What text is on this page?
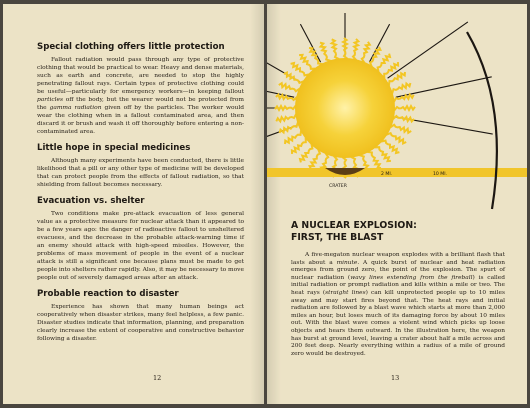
Special clothing offers little protection

Fallout radiation would pass through any type of protective clothing that would be practical to wear. Heavy and dense materials, such as earth and concrete, are needed to stop the highly penetrating fallout rays. Certain types of protective clothing could be useful—particularly for emergency workers—in keeping fallout particles off the body, but the wearer would not be protected from the gamma radiation given off by the particles. The worker would wear the clothing when in a fallout contaminated area, and then discard it or brush and wash it off thoroughly before entering a non-contaminated area.

Little hope in special medicines

Although many experiments have been conducted, there is little likelihood that a pill or any other type of medicine will be developed that can protect people from the effects of fallout radiation, so that shielding from fallout becomes necessary.

Evacuation vs. shelter

Two conditions make pre-attack evacuation of less general value as a protective measure for nuclear attack than it appeared to be a few years ago: the danger of radioactive fallout to unsheltered evacuees, and the decrease in the probable attack-warning time if an enemy should attack with high-speed missiles. However, the problems of mass movement of people in the event of a nuclear attack is still a significant one because plans must be made to get people into shelters rather rapidly. Also, it may be necessary to move people out of severely damaged areas after an attack.

Probable reaction to disaster

Experience has shown that many human beings act cooperatively when disaster strikes, many feel helpless, a few panic. Disaster studies indicate that information, planning, and preparation clearly increase the extent of cooperative and constructive behavior following a disaster.

12
CRATER
2 MI.	10 MI.
A NUCLEAR EXPLOSION:
FIRST, THE BLAST

A five-megaton nuclear weapon explodes with a brilliant flash that lasts about a minute. A quick burst of nuclear and heat radiation emerges from ground zero, the point of the explosion. The spurt of nuclear radiation (wavy lines extending from the fireball) is called initial radiation or prompt radiation and kills within a mile or two. The heat rays (straight lines) can kill unprotected people up to 10 miles away and may start fires beyond that. The heat rays and initial radiation are followed by a blast wave which starts at more than 2,000 miles an hour, but loses much of its damaging force by about 10 miles out. With the blast wave comes a violent wind which picks up loose objects and hears them outward. In the illustration here, the weapon has burst at ground level, leaving a crater about half a mile across and 200 feet deep. Nearly everything within a radius of a mile of ground zero would be destroyed.

13
